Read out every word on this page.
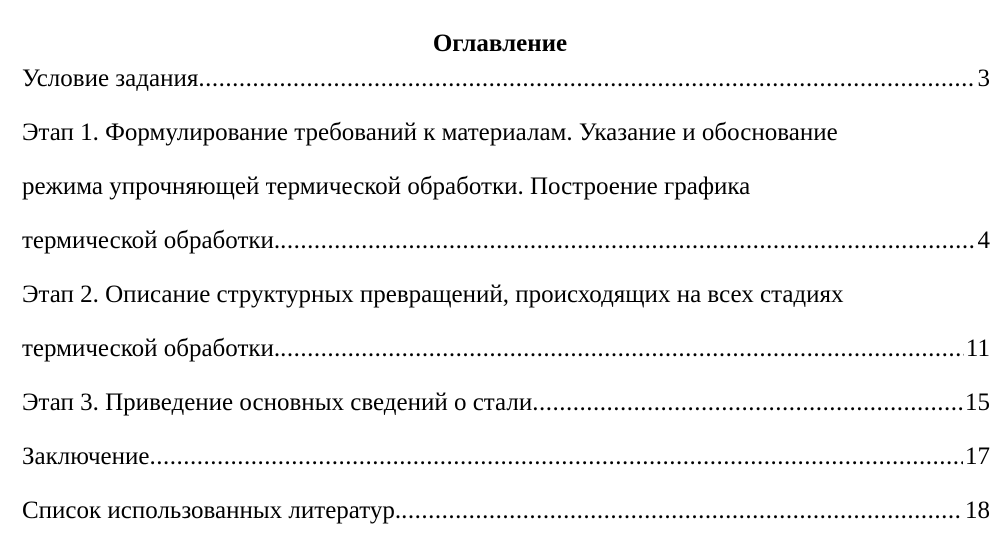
Оглавление
Условие задания .....	3
Этап 1. Формулирование требований к материалам. Указание и обоснование
режима упрочняющей термической обработки. Построение графика
термической обработки. .....	4
Этап 2. Описание структурных превращений, происходящих на всех стадиях
термической обработки. .....	11
Этап 3. Приведение основных сведений о стали .....	15
Заключение .....	17
Список использованных литератур. .....	18
